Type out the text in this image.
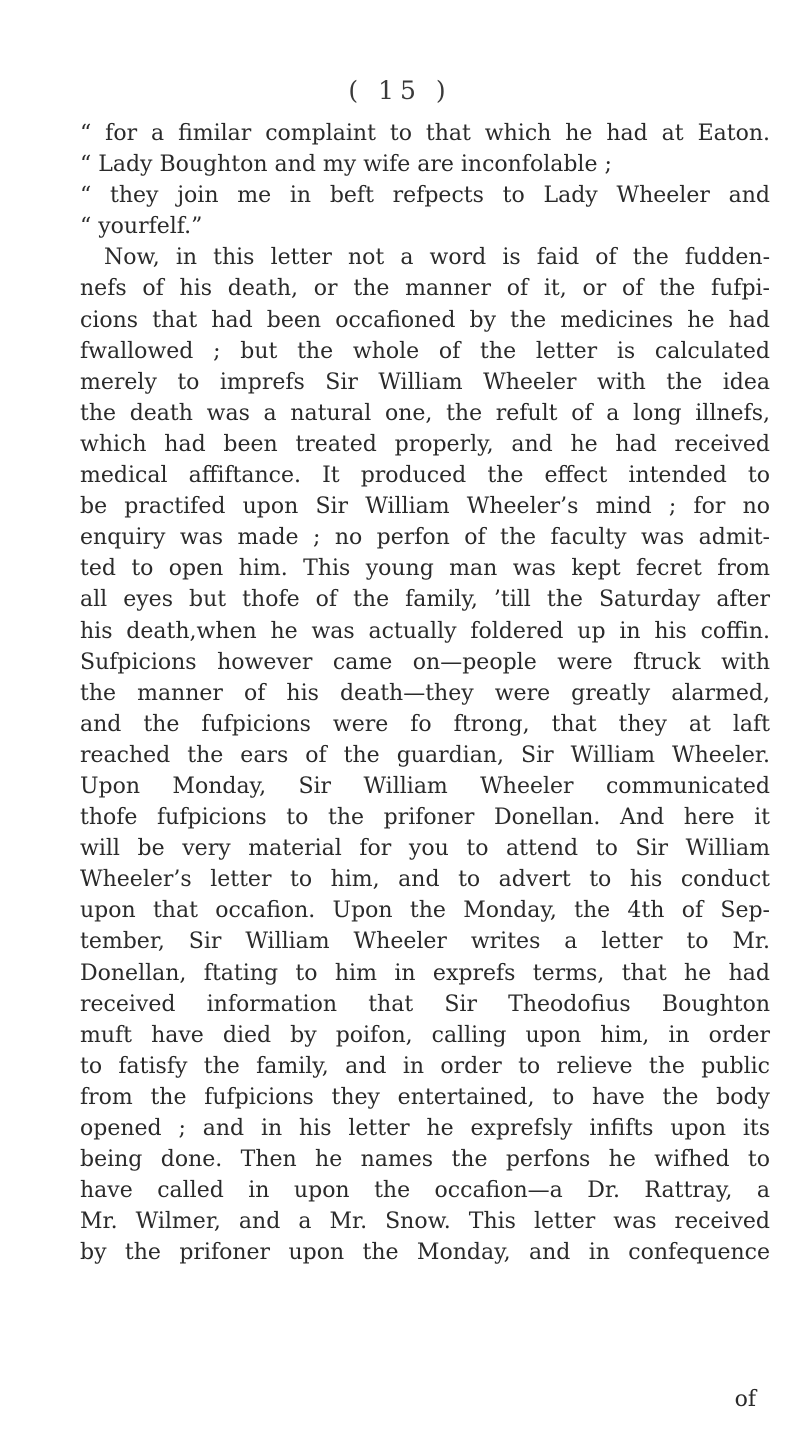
( 15 )
“ for a fimilar complaint to that which he had at Eaton.
“ Lady Boughton and my wife are inconfolable ;
“ they join me in beft refpects to Lady Wheeler and
“ yourfelf.”
Now, in this letter not a word is faid of the fudden-
nefs of his death, or the manner of it, or of the fufpi-
cions that had been occafioned by the medicines he had
fwallowed ; but the whole of the letter is calculated
merely to imprefs Sir William Wheeler with the idea
the death was a natural one, the refult of a long illnefs,
which had been treated properly, and he had received
medical affiftance. It produced the effect intended to
be practifed upon Sir William Wheeler’s mind ; for no
enquiry was made ; no perfon of the faculty was admit-
ted to open him. This young man was kept fecret from
all eyes but thofe of the family, ’till the Saturday after
his death,when he was actually foldered up in his coffin.
Sufpicions however came on—people were ftruck with
the manner of his death—they were greatly alarmed,
and the fufpicions were fo ftrong, that they at laft
reached the ears of the guardian, Sir William Wheeler.
Upon Monday, Sir William Wheeler communicated
thofe fufpicions to the prifoner Donellan. And here it
will be very material for you to attend to Sir William
Wheeler’s letter to him, and to advert to his conduct
upon that occafion. Upon the Monday, the 4th of Sep-
tember, Sir William Wheeler writes a letter to Mr.
Donellan, ftating to him in exprefs terms, that he had
received information that Sir Theodofius Boughton
muft have died by poifon, calling upon him, in order
to fatisfy the family, and in order to relieve the public
from the fufpicions they entertained, to have the body
opened ; and in his letter he exprefsly infifts upon its
being done. Then he names the perfons he wifhed to
have called in upon the occafion—a Dr. Rattray, a
Mr. Wilmer, and a Mr. Snow. This letter was received
by the prifoner upon the Monday, and in confequence
of
